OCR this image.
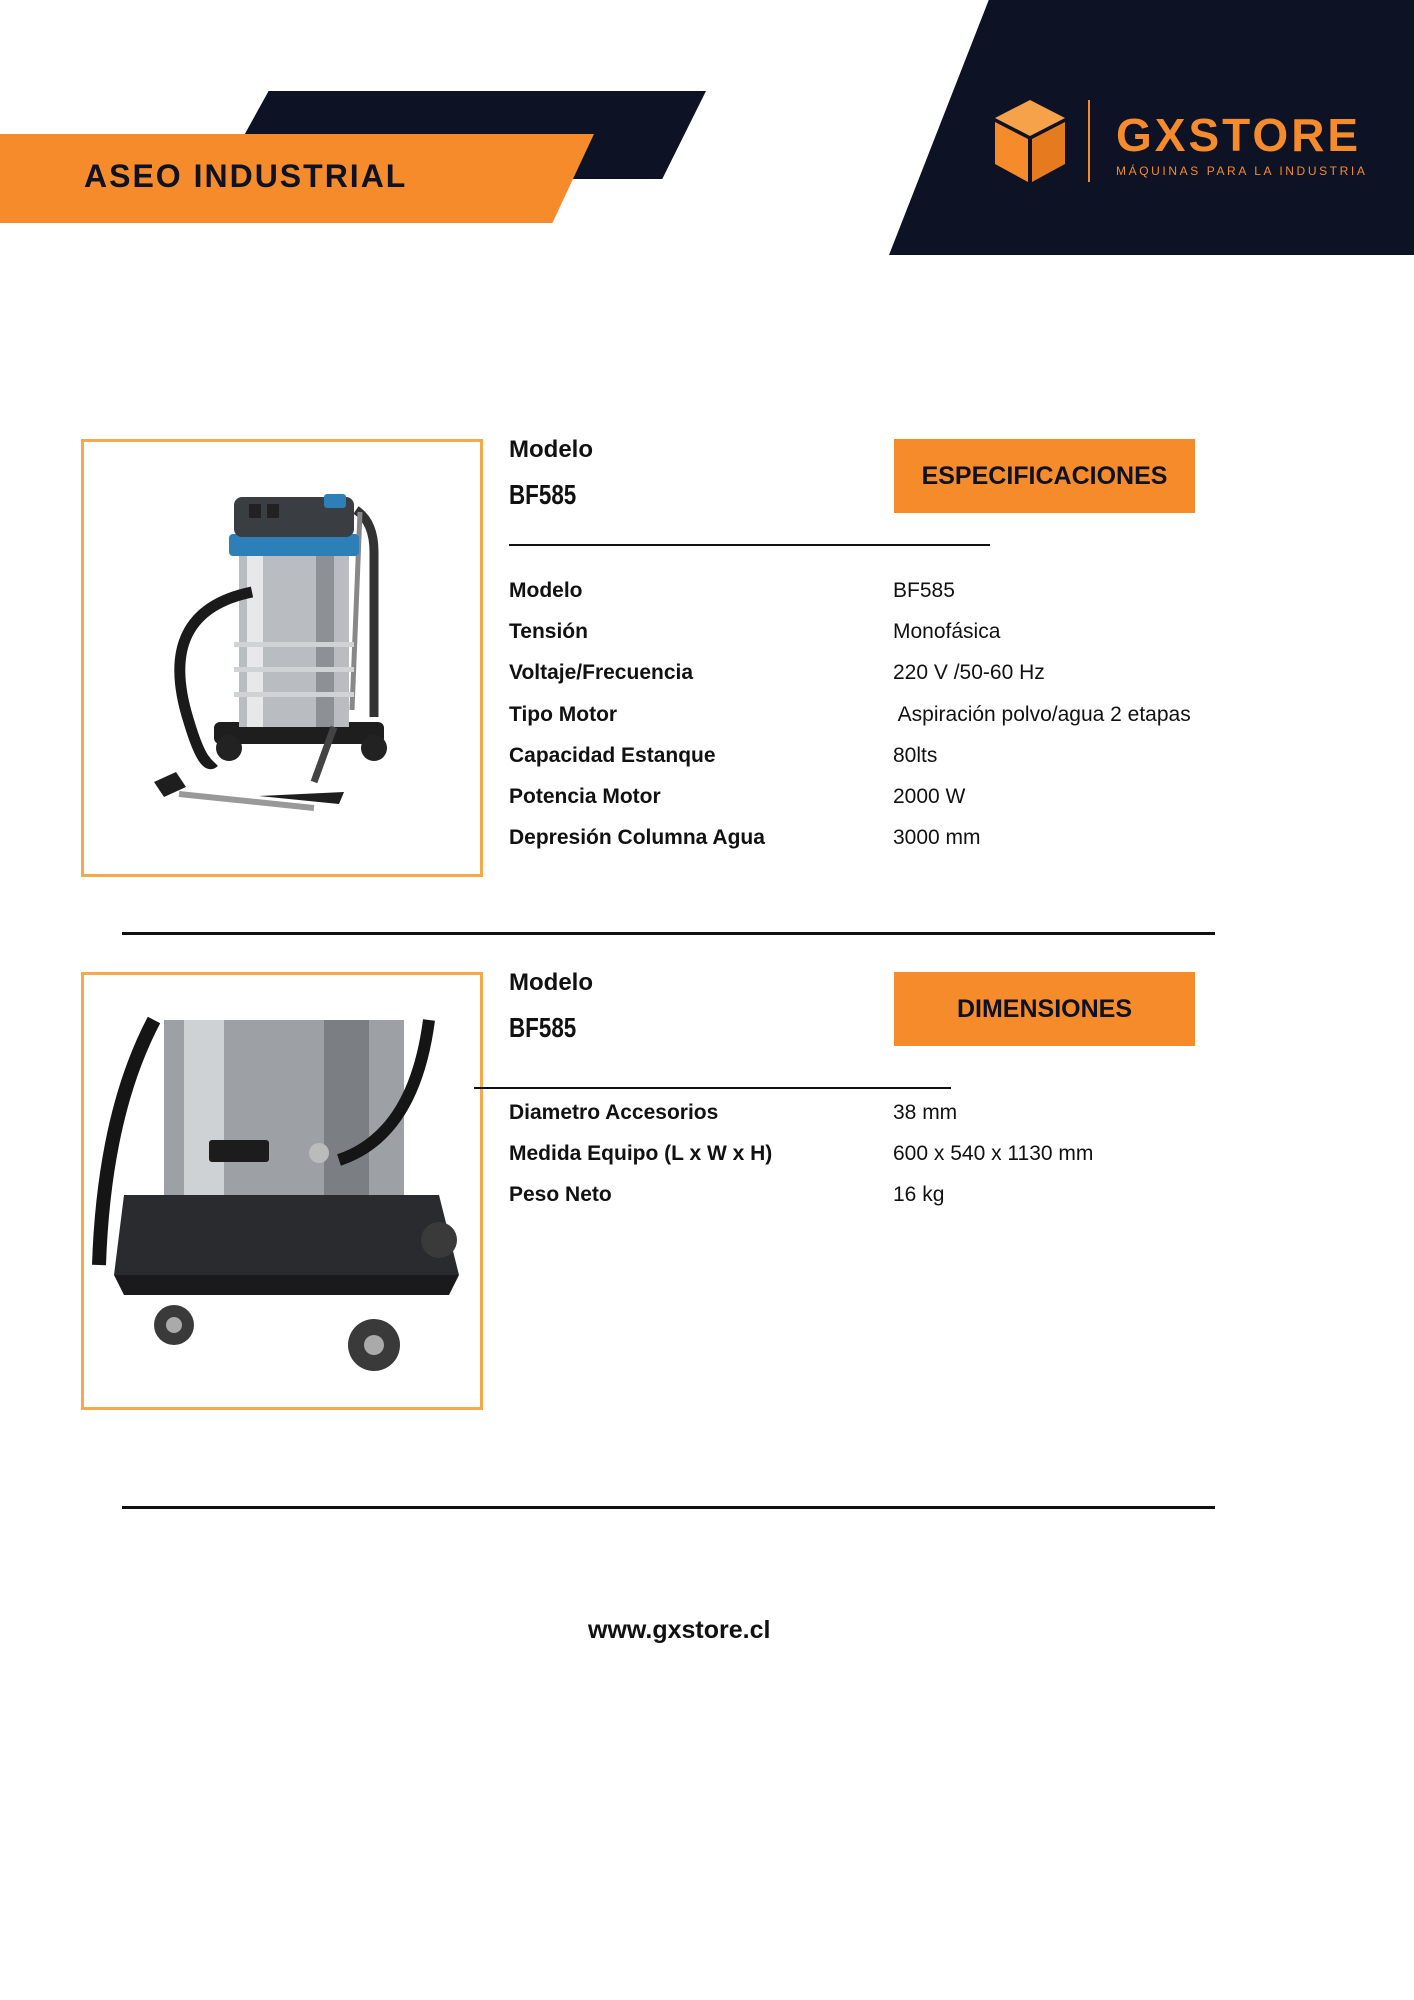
ASEO INDUSTRIAL
GXSTORE
MÁQUINAS PARA LA INDUSTRIA
Modelo
BF585
ESPECIFICACIONES
Modelo	BF585
Tensión	Monofásica
Voltaje/Frecuencia	220 V /50-60 Hz
Tipo Motor	Aspiración polvo/agua 2 etapas
Capacidad Estanque	80lts
Potencia Motor	2000 W
Depresión Columna Agua	3000 mm
Modelo
BF585
DIMENSIONES
Diametro Accesorios	38 mm
Medida Equipo (L x W x H)	600 x 540 x 1130 mm
Peso Neto	16 kg
www.gxstore.cl
